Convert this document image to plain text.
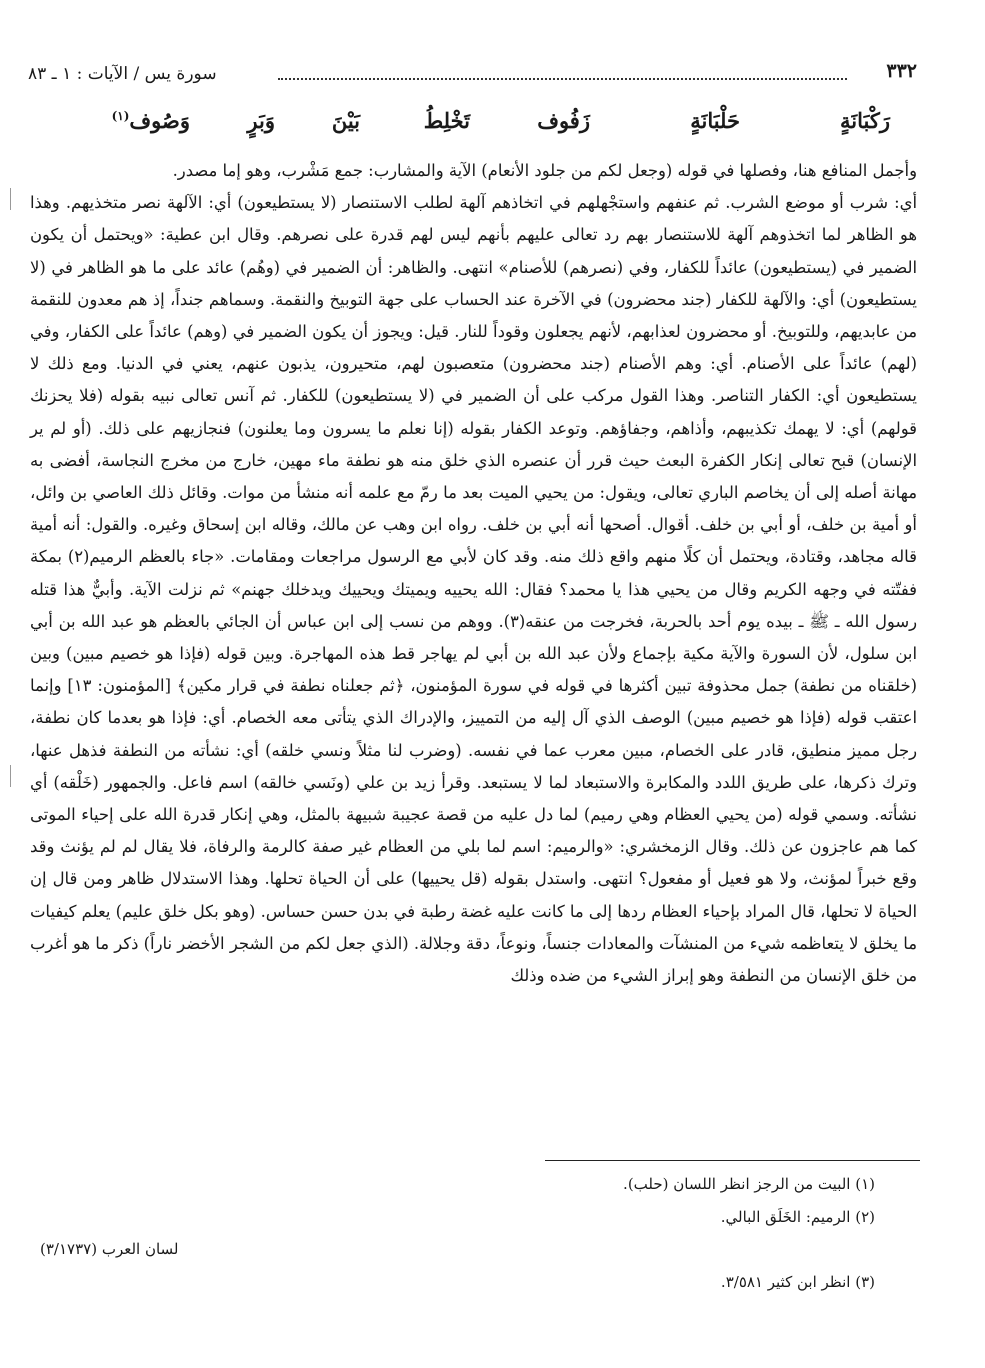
٣٣٢
سورة يس / الآيات : ١ ـ ٨٣
رَكْبَانَةٍ
حَلْبَانَةٍ
زَفُوف
تَخْلِطُ
بَيْنَ
وَبَرٍ
وَصُوف$^{(١)}$

وأجمل المنافع هنا، وفصلها في قوله (وجعل لكم من جلود الأنعام) الآية والمشارب: جمع مَشْرب، وهو إما مصدر.

أي: شرب أو موضع الشرب. ثم عنفهم واستجْهلهم في اتخاذهم آلهة لطلب الاستنصار (لا يستطيعون) أي: الآلهة نصر متخذيهم. وهذا هو الظاهر لما اتخذوهم آلهة للاستنصار بهم رد تعالى عليهم بأنهم ليس لهم قدرة على نصرهم. وقال ابن عطية: «ويحتمل أن يكون الضمير في (يستطيعون) عائداً للكفار، وفي (نصرهم) للأصنام» انتهى. والظاهر: أن الضمير في (وهُم) عائد على ما هو الظاهر في (لا يستطيعون) أي: والآلهة للكفار (جند محضرون) في الآخرة عند الحساب على جهة التوبيخ والنقمة. وسماهم جنداً، إذ هم معدون للنقمة من عابديهم، وللتوبيخ. أو محضرون لعذابهم، لأنهم يجعلون وقوداً للنار. قيل: ويجوز أن يكون الضمير في (وهم) عائداً على الكفار، وفي (لهم) عائداً على الأصنام. أي: وهم الأصنام (جند محضرون) متعصبون لهم، متحيرون، يذبون عنهم، يعني في الدنيا. ومع ذلك لا يستطيعون أي: الكفار التناصر. وهذا القول مركب على أن الضمير في (لا يستطيعون) للكفار. ثم آنس تعالى نبيه بقوله (فلا يحزنك قولهم) أي: لا يهمك تكذيبهم، وأذاهم، وجفاؤهم. وتوعد الكفار بقوله (إنا نعلم ما يسرون وما يعلنون) فنجازيهم على ذلك. (أو لم ير الإنسان) قبح تعالى إنكار الكفرة البعث حيث قرر أن عنصره الذي خلق منه هو نطفة ماء مهين، خارج من مخرج النجاسة، أفضى به مهانة أصله إلى أن يخاصم الباري تعالى، ويقول: من يحيي الميت بعد ما رمّ مع علمه أنه منشأ من موات. وقائل ذلك العاصي بن وائل، أو أمية بن خلف، أو أبي بن خلف. أقوال. أصحها أنه أبي بن خلف. رواه ابن وهب عن مالك، وقاله ابن إسحاق وغيره. والقول: أنه أمية قاله مجاهد، وقتادة، ويحتمل أن كلًا منهم واقع ذلك منه. وقد كان لأبي مع الرسول مراجعات ومقامات. «جاء بالعظم الرميم(٢) بمكة ففتّته في وجهه الكريم وقال من يحيي هذا يا محمد؟ فقال: الله يحييه ويميتك ويحييك ويدخلك جهنم» ثم نزلت الآية. وأبيٌّ هذا قتله رسول الله ـ ﷺ ـ بيده يوم أحد بالحربة، فخرجت من عنقه(٣). ووهم من نسب إلى ابن عباس أن الجائي بالعظم هو عبد الله بن أبي ابن سلول، لأن السورة والآية مكية بإجماع ولأن عبد الله بن أبي لم يهاجر قط هذه المهاجرة. وبين قوله (فإذا هو خصيم مبين) وبين (خلقناه من نطفة) جمل محذوفة تبين أكثرها في قوله في سورة المؤمنون، ﴿ثم جعلناه نطفة في قرار مكين﴾ [المؤمنون: ١٣] وإنما اعتقب قوله (فإذا هو خصيم مبين) الوصف الذي آل إليه من التمييز، والإدراك الذي يتأتى معه الخصام. أي: فإذا هو بعدما كان نطفة، رجل مميز منطيق، قادر على الخصام، مبين معرب عما في نفسه. (وضرب لنا مثلاً ونسي خلقه) أي: نشأته من النطفة فذهل عنها، وترك ذكرها، على طريق اللدد والمكابرة والاستبعاد لما لا يستبعد. وقرأ زيد بن علي (ونَسي خالقه) اسم فاعل. والجمهور (خَلْقه) أي نشأته. وسمي قوله (من يحيي العظام وهي رميم) لما دل عليه من قصة عجيبة شبيهة بالمثل، وهي إنكار قدرة الله على إحياء الموتى كما هم عاجزون عن ذلك. وقال الزمخشري: «والرميم: اسم لما بلي من العظام غير صفة كالرمة والرفاة، فلا يقال لم لم يؤنث وقد وقع خبراً لمؤنث، ولا هو فعيل أو مفعول؟ انتهى. واستدل بقوله (قل يحييها) على أن الحياة تحلها. وهذا الاستدلال ظاهر ومن قال إن الحياة لا تحلها، قال المراد بإحياء العظام ردها إلى ما كانت عليه غضة رطبة في بدن حسن حساس. (وهو بكل خلق عليم) يعلم كيفيات ما يخلق لا يتعاظمه شيء من المنشآت والمعادات جنساً، ونوعاً، دقة وجلالة. (الذي جعل لكم من الشجر الأخضر ناراً) ذكر ما هو أغرب من خلق الإنسان من النطفة وهو إبراز الشيء من ضده وذلك

(١) البيت من الرجز انظر اللسان (حلب).
(٢) الرميم: الخَلَق البالي.
لسان العرب (٣/١٧٣٧)
(٣) انظر ابن كثير ٣/٥٨١.
